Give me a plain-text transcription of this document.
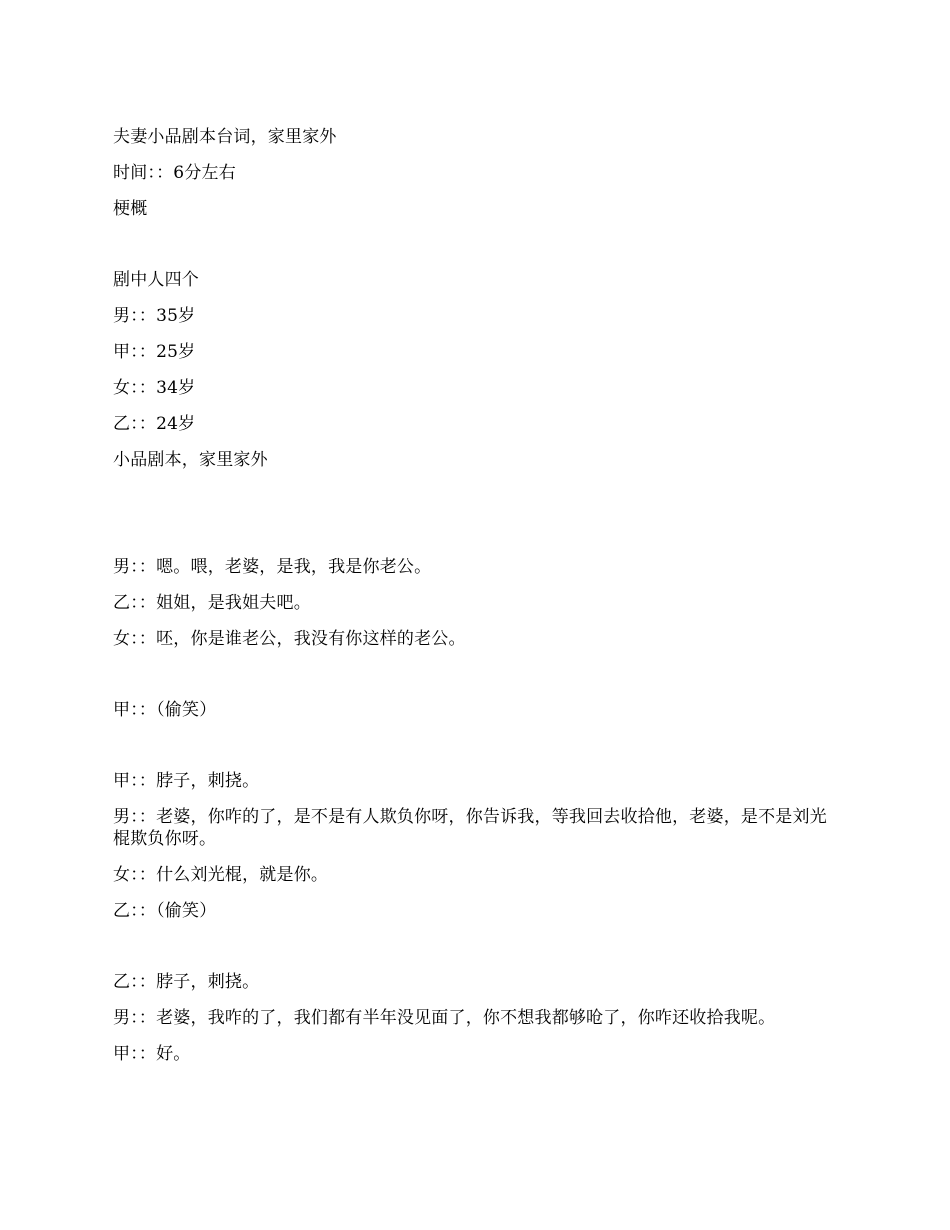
夫妻小品剧本台词，家里家外
时间：：6分左右
梗概
剧中人四个
男：：35岁
甲：：25岁
女：：34岁
乙：：24岁
小品剧本，家里家外
男：：嗯。喂，老婆，是我，我是你老公。
乙：：姐姐，是我姐夫吧。
女：：呸，你是谁老公，我没有你这样的老公。
甲：：（偷笑）
甲：：脖子，刺挠。
男：：老婆，你咋的了，是不是有人欺负你呀，你告诉我，等我回去收拾他，老婆，是不是刘光棍欺负你呀。
女：：什么刘光棍，就是你。
乙：：（偷笑）
乙：：脖子，刺挠。
男：：老婆，我咋的了，我们都有半年没见面了，你不想我都够呛了，你咋还收拾我呢。
甲：：好。
